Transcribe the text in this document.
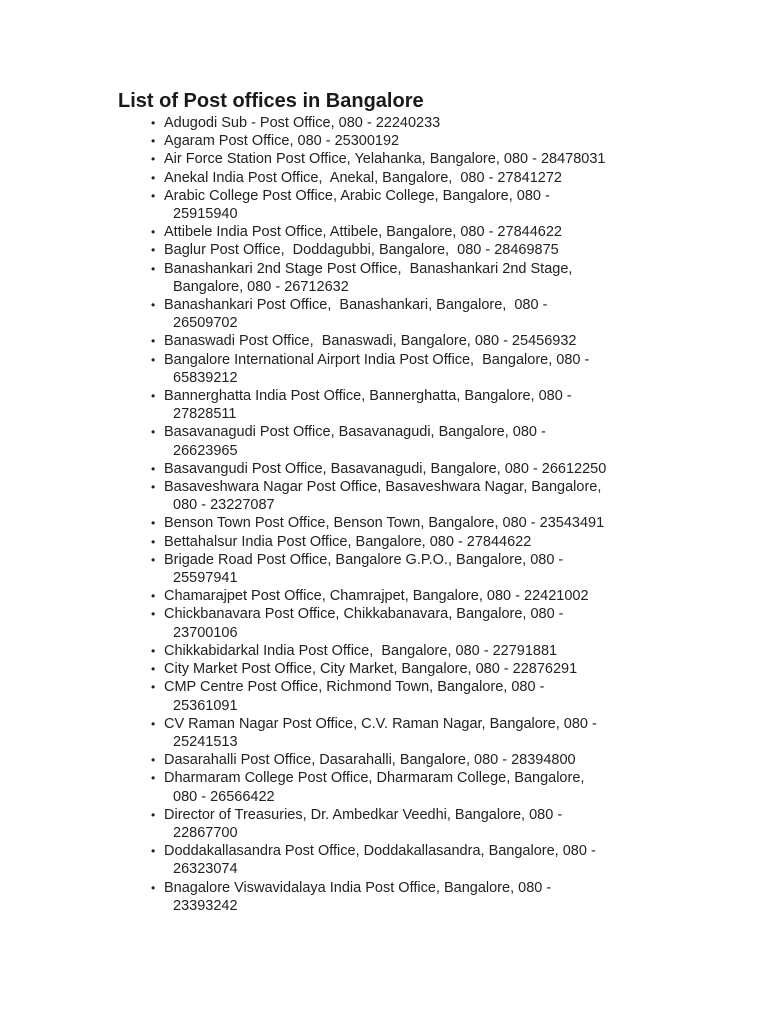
List of Post offices in Bangalore
• Adugodi Sub - Post Office, 080 - 22240233
• Agaram Post Office, 080 - 25300192
• Air Force Station Post Office, Yelahanka, Bangalore, 080 - 28478031
• Anekal India Post Office,  Anekal, Bangalore,  080 - 27841272
• Arabic College Post Office, Arabic College, Bangalore, 080 -
25915940
• Attibele India Post Office, Attibele, Bangalore, 080 - 27844622
• Baglur Post Office,  Doddagubbi, Bangalore,  080 - 28469875
• Banashankari 2nd Stage Post Office,  Banashankari 2nd Stage,
Bangalore, 080 - 26712632
• Banashankari Post Office,  Banashankari, Bangalore,  080 -
26509702
• Banaswadi Post Office,  Banaswadi, Bangalore, 080 - 25456932
• Bangalore International Airport India Post Office,  Bangalore, 080 -
65839212
• Bannerghatta India Post Office, Bannerghatta, Bangalore, 080 -
27828511
• Basavanagudi Post Office, Basavanagudi, Bangalore, 080 -
26623965
• Basavangudi Post Office, Basavanagudi, Bangalore, 080 - 26612250
• Basaveshwara Nagar Post Office, Basaveshwara Nagar, Bangalore,
080 - 23227087
• Benson Town Post Office, Benson Town, Bangalore, 080 - 23543491
• Bettahalsur India Post Office, Bangalore, 080 - 27844622
• Brigade Road Post Office, Bangalore G.P.O., Bangalore, 080 -
25597941
• Chamarajpet Post Office, Chamrajpet, Bangalore, 080 - 22421002
• Chickbanavara Post Office, Chikkabanavara, Bangalore, 080 -
23700106
• Chikkabidarkal India Post Office,  Bangalore, 080 - 22791881
• City Market Post Office, City Market, Bangalore, 080 - 22876291
• CMP Centre Post Office, Richmond Town, Bangalore, 080 -
25361091
• CV Raman Nagar Post Office, C.V. Raman Nagar, Bangalore, 080 -
25241513
• Dasarahalli Post Office, Dasarahalli, Bangalore, 080 - 28394800
• Dharmaram College Post Office, Dharmaram College, Bangalore,
080 - 26566422
• Director of Treasuries, Dr. Ambedkar Veedhi, Bangalore, 080 -
22867700
• Doddakallasandra Post Office, Doddakallasandra, Bangalore, 080 -
26323074
• Bnagalore Viswavidalaya India Post Office, Bangalore, 080 -
23393242
